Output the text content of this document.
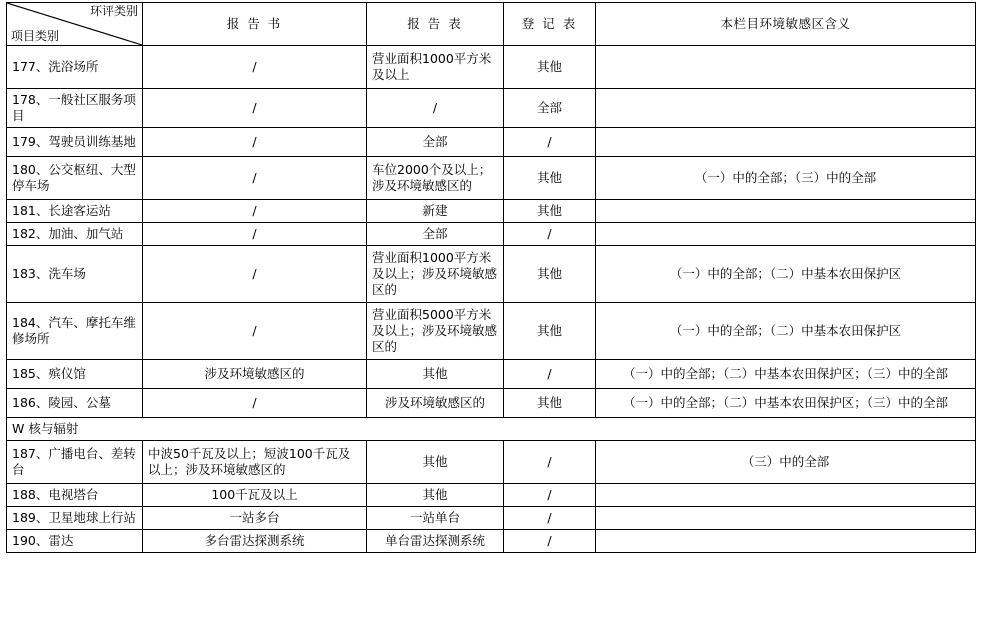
环评类别
项目类别	报 告 书	报 告 表	登 记 表	本栏目环境敏感区含义
177、洗浴场所	/	营业面积1000平方米及以上	其他	
178、一般社区服务项目	/	/	全部	
179、驾驶员训练基地	/	全部	/	
180、公交枢纽、大型停车场	/	车位2000个及以上；涉及环境敏感区的	其他	（一）中的全部；（三）中的全部
181、长途客运站	/	新建	其他	
182、加油、加气站	/	全部	/	
183、洗车场	/	营业面积1000平方米及以上；涉及环境敏感区的	其他	（一）中的全部；（二）中基本农田保护区
184、汽车、摩托车维修场所	/	营业面积5000平方米及以上；涉及环境敏感区的	其他	（一）中的全部；（二）中基本农田保护区
185、殡仪馆	涉及环境敏感区的	其他	/	（一）中的全部；（二）中基本农田保护区；（三）中的全部
186、陵园、公墓	/	涉及环境敏感区的	其他	（一）中的全部；（二）中基本农田保护区；（三）中的全部
W 核与辐射				
187、广播电台、差转台	中波50千瓦及以上；短波100千瓦及以上；涉及环境敏感区的	其他	/	（三）中的全部
188、电视塔台	100千瓦及以上	其他	/	
189、卫星地球上行站	一站多台	一站单台	/	
190、雷达	多台雷达探测系统	单台雷达探测系统	/	
